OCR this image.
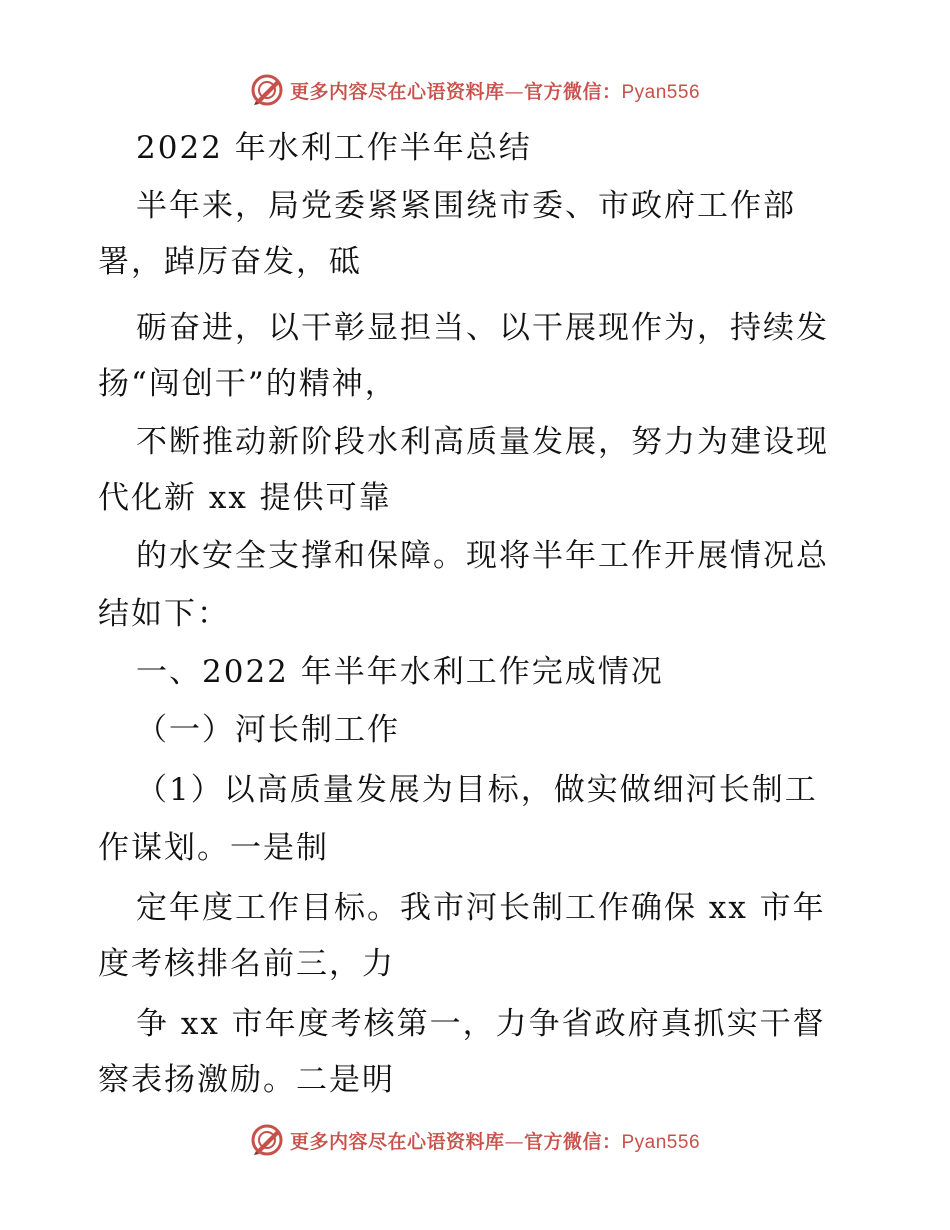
更多内容尽在心语资料库—官方微信：Pyan556
2022 年水利工作半年总结
半年来，局党委紧紧围绕市委、市政府工作部
署，踔厉奋发，砥
砺奋进，以干彰显担当、以干展现作为，持续发
扬“闯创干”的精神，
不断推动新阶段水利高质量发展，努力为建设现
代化新 xx 提供可靠
的水安全支撑和保障。现将半年工作开展情况总
结如下：
一、2022 年半年水利工作完成情况
（一）河长制工作
（1）以高质量发展为目标，做实做细河长制工
作谋划。一是制
定年度工作目标。我市河长制工作确保 xx 市年
度考核排名前三，力
争 xx 市年度考核第一，力争省政府真抓实干督
察表扬激励。二是明
更多内容尽在心语资料库—官方微信：Pyan556
